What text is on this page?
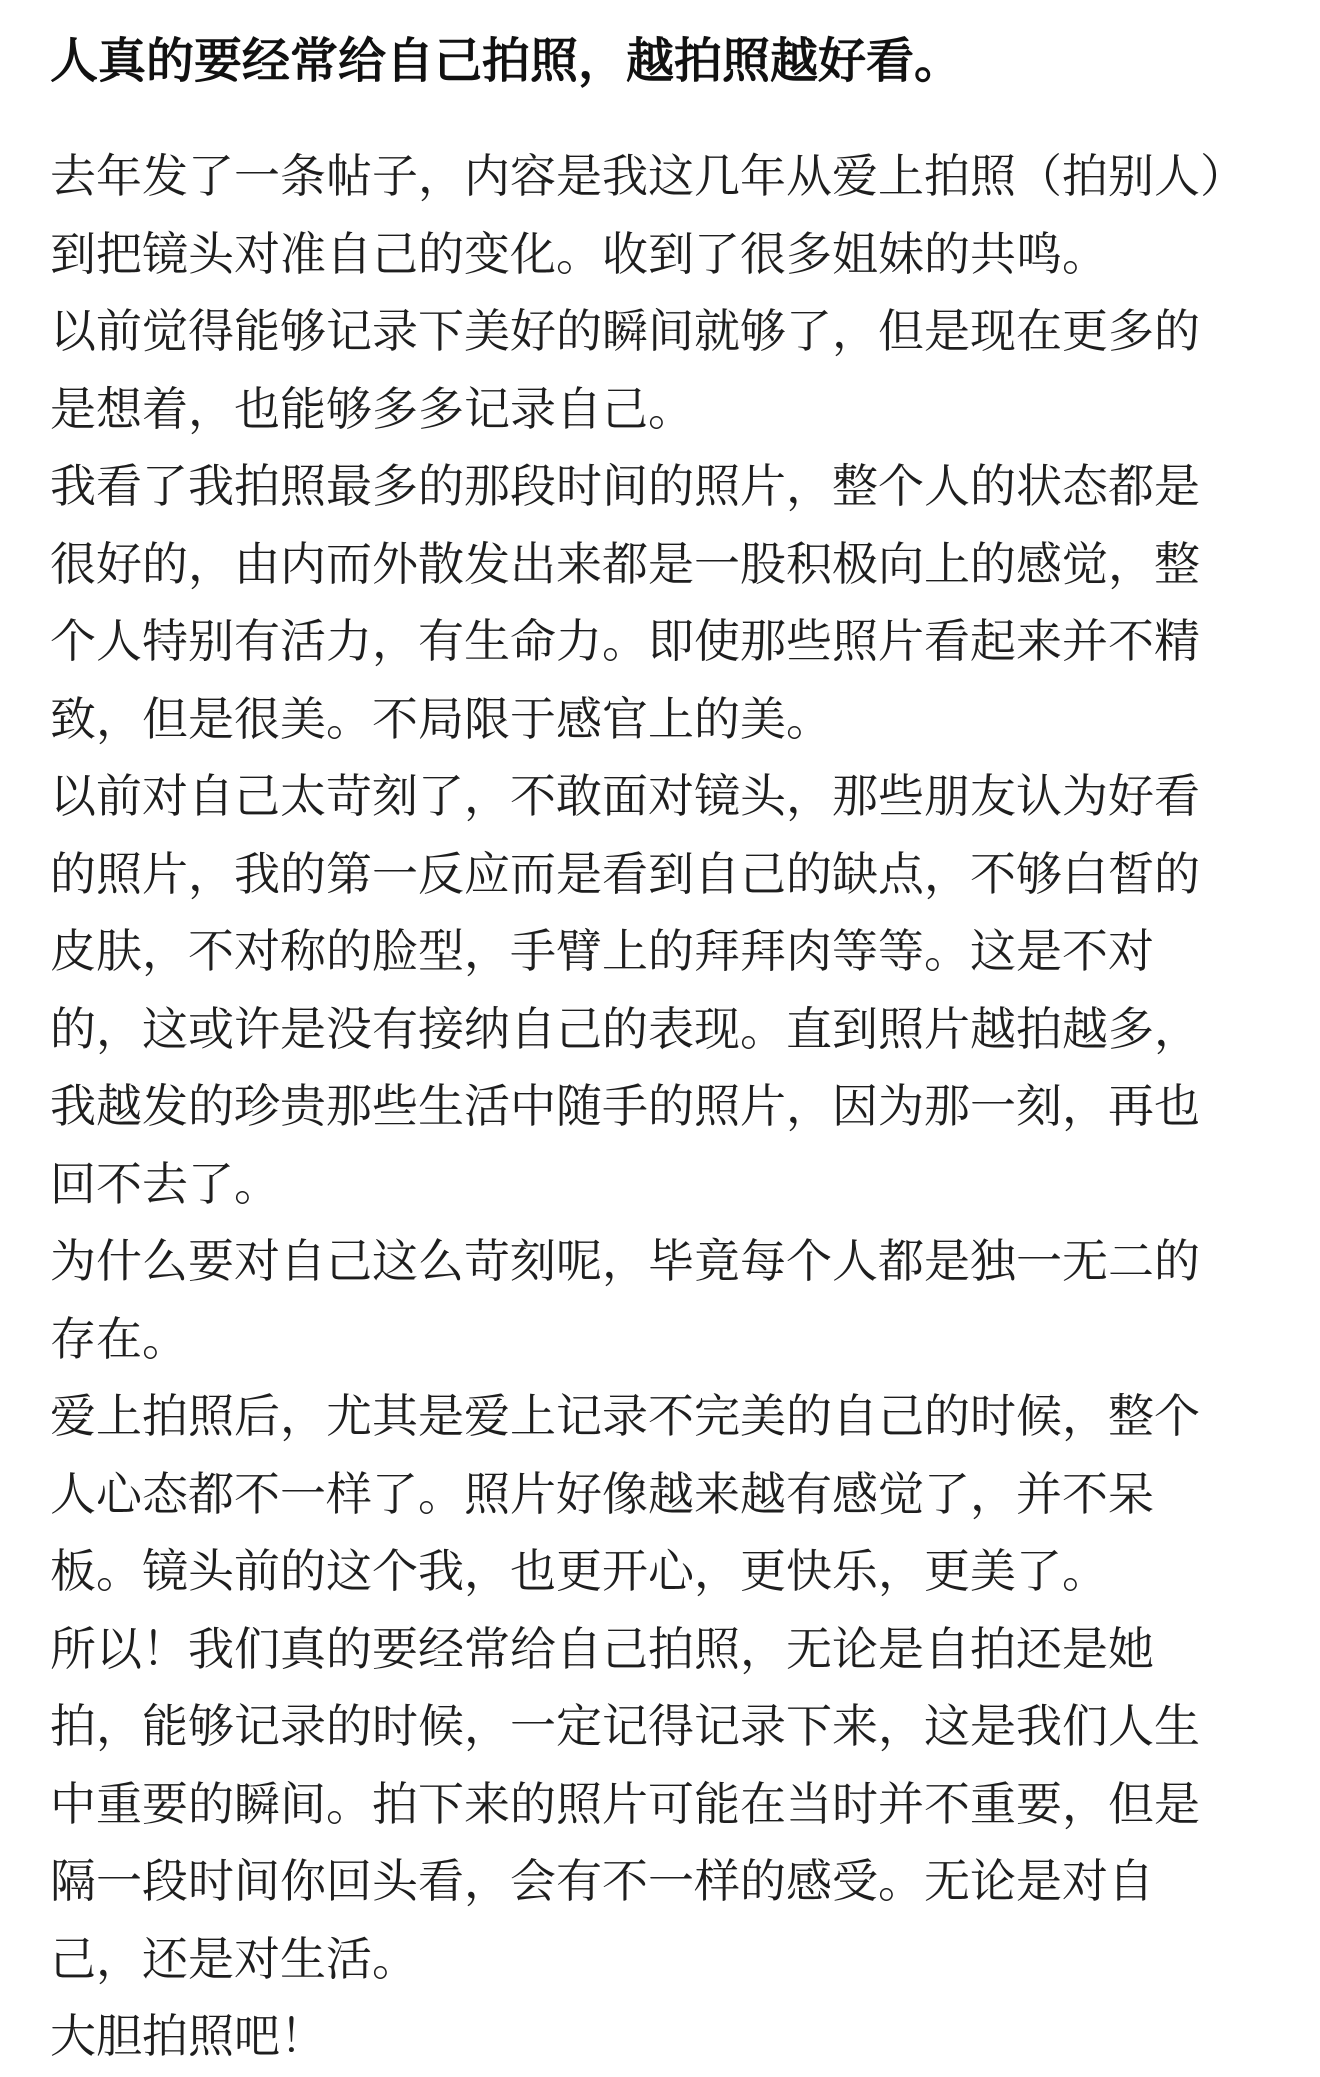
人真的要经常给自己拍照，越拍照越好看。

去年发了一条帖子，内容是我这几年从爱上拍照（拍别人）
到把镜头对准自己的变化。收到了很多姐妹的共鸣。

以前觉得能够记录下美好的瞬间就够了，但是现在更多的
是想着，也能够多多记录自己。

我看了我拍照最多的那段时间的照片，整个人的状态都是
很好的，由内而外散发出来都是一股积极向上的感觉，整
个人特别有活力，有生命力。即使那些照片看起来并不精
致，但是很美。不局限于感官上的美。

以前对自己太苛刻了，不敢面对镜头，那些朋友认为好看
的照片，我的第一反应而是看到自己的缺点，不够白皙的
皮肤，不对称的脸型，手臂上的拜拜肉等等。这是不对
的，这或许是没有接纳自己的表现。直到照片越拍越多，
我越发的珍贵那些生活中随手的照片，因为那一刻，再也
回不去了。

为什么要对自己这么苛刻呢，毕竟每个人都是独一无二的
存在。

爱上拍照后，尤其是爱上记录不完美的自己的时候，整个
人心态都不一样了。照片好像越来越有感觉了，并不呆
板。镜头前的这个我，也更开心，更快乐，更美了。

所以！我们真的要经常给自己拍照，无论是自拍还是她
拍，能够记录的时候，一定记得记录下来，这是我们人生
中重要的瞬间。拍下来的照片可能在当时并不重要，但是
隔一段时间你回头看，会有不一样的感受。无论是对自
己，还是对生活。

大胆拍照吧！
